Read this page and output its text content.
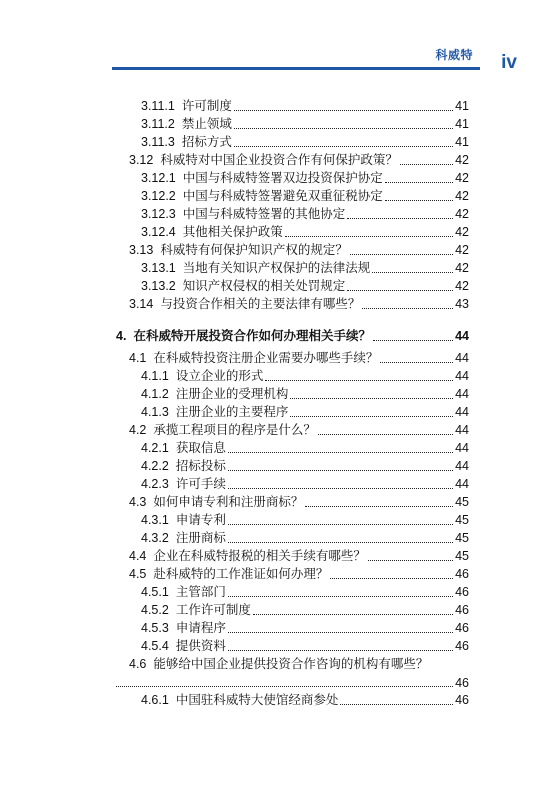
科威特 iv
3.11.1 许可制度	41
3.11.2 禁止领域	41
3.11.3 招标方式	41
3.12 科威特对中国企业投资合作有何保护政策？	42
3.12.1 中国与科威特签署双边投资保护协定	42
3.12.2 中国与科威特签署避免双重征税协定	42
3.12.3 中国与科威特签署的其他协定	42
3.12.4 其他相关保护政策	42
3.13 科威特有何保护知识产权的规定？	42
3.13.1 当地有关知识产权保护的法律法规	42
3.13.2 知识产权侵权的相关处罚规定	42
3.14 与投资合作相关的主要法律有哪些？	43
4. 在科威特开展投资合作如何办理相关手续？	44
4.1 在科威特投资注册企业需要办哪些手续？	44
4.1.1 设立企业的形式	44
4.1.2 注册企业的受理机构	44
4.1.3 注册企业的主要程序	44
4.2 承揽工程项目的程序是什么？	44
4.2.1 获取信息	44
4.2.2 招标投标	44
4.2.3 许可手续	44
4.3 如何申请专利和注册商标？	45
4.3.1 申请专利	45
4.3.2 注册商标	45
4.4 企业在科威特报税的相关手续有哪些？	45
4.5 赴科威特的工作准证如何办理？	46
4.5.1 主管部门	46
4.5.2 工作许可制度	46
4.5.3 申请程序	46
4.5.4 提供资料	46
4.6 能够给中国企业提供投资合作咨询的机构有哪些？
46
4.6.1 中国驻科威特大使馆经商参处	46
